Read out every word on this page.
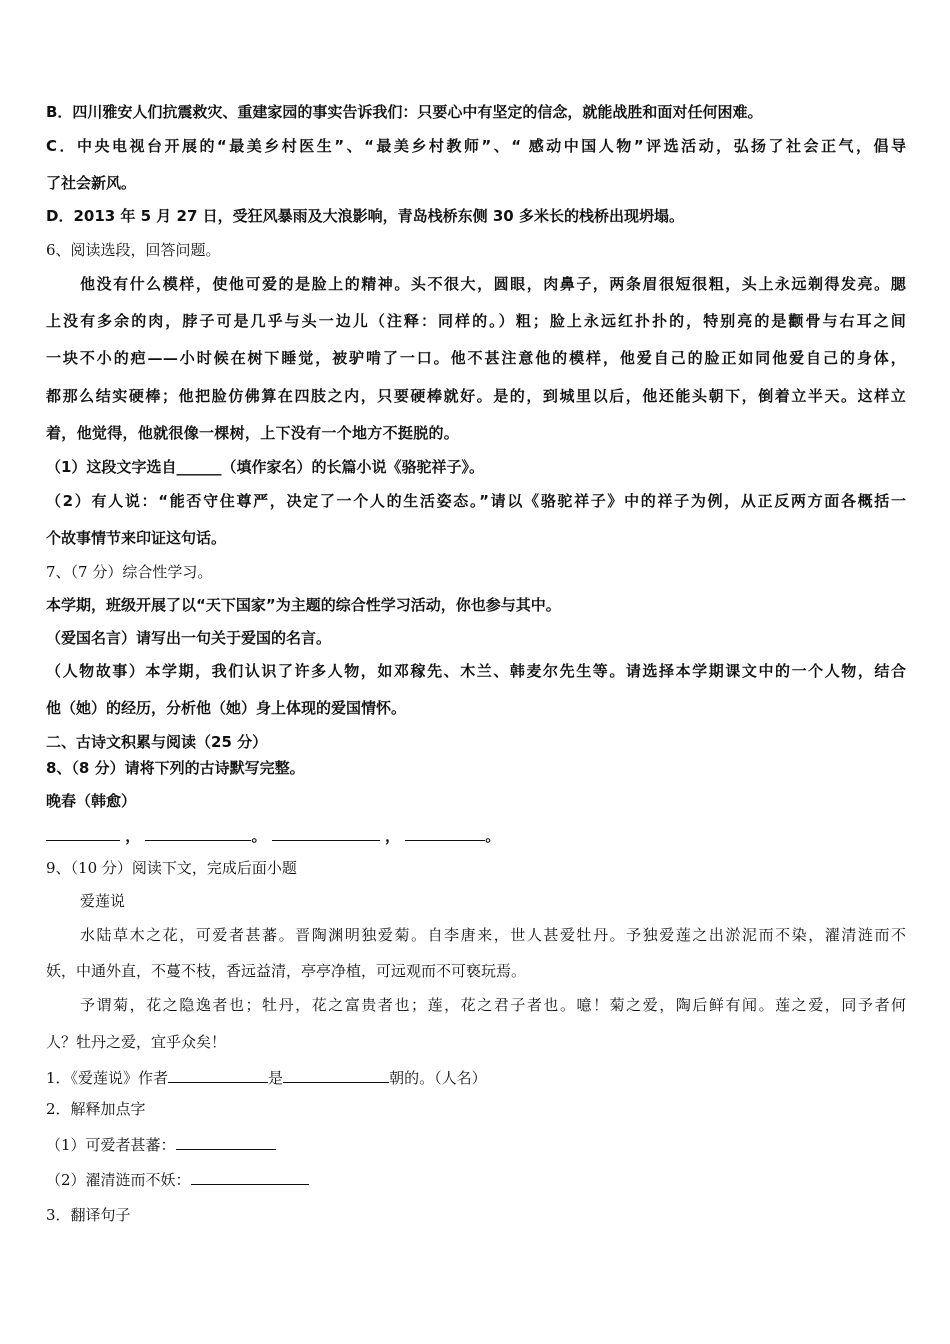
B．四川雅安人们抗震救灾、重建家园的事实告诉我们：只要心中有坚定的信念，就能战胜和面对任何困难。
C．中央电视台开展的“最美乡村医生”、“最美乡村教师”、“ 感动中国人物”评选活动，弘扬了社会正气，倡导
了社会新风。
D．2013 年 5 月 27 日，受狂风暴雨及大浪影响，青岛栈桥东侧 30 多米长的栈桥出现坍塌。
6、阅读选段，回答问题。
他没有什么模样，使他可爱的是脸上的精神。头不很大，圆眼，肉鼻子，两条眉很短很粗，头上永远剃得发亮。腮
上没有多余的肉，脖子可是几乎与头一边儿（注释：同样的。）粗；脸上永远红扑扑的，特别亮的是颧骨与右耳之间
一块不小的疤——小时候在树下睡觉，被驴啃了一口。他不甚注意他的模样，他爱自己的脸正如同他爱自己的身体，
都那么结实硬棒；他把脸仿佛算在四肢之内，只要硬棒就好。是的，到城里以后，他还能头朝下，倒着立半天。这样立
着，他觉得，他就很像一棵树，上下没有一个地方不挺脱的。
（1）这段文字选自______（填作家名）的长篇小说《骆驼祥子》。
（2）有人说：“能否守住尊严，决定了一个人的生活姿态。”请以《骆驼祥子》中的祥子为例，从正反两方面各概括一
个故事情节来印证这句话。
7、（7 分）综合性学习。
本学期，班级开展了以“天下国家”为主题的综合性学习活动，你也参与其中。
（爱国名言）请写出一句关于爱国的名言。
（人物故事）本学期，我们认识了许多人物，如邓稼先、木兰、韩麦尔先生等。请选择本学期课文中的一个人物，结合
他（她）的经历，分析他（她）身上体现的爱国情怀。
二、古诗文积累与阅读（25 分）
8、（8 分）请将下列的古诗默写完整。
晚春（韩愈）
，	。	，	。
9、（10 分）阅读下文，完成后面小题
爱莲说
水陆草木之花，可爱者甚蕃。晋陶渊明独爱菊。自李唐来，世人甚爱牡丹。予独爱莲之出淤泥而不染，濯清涟而不
妖，中通外直，不蔓不枝，香远益清，亭亭净植，可远观而不可亵玩焉。
予谓菊，花之隐逸者也；牡丹，花之富贵者也；莲，花之君子者也。噫！菊之爱，陶后鲜有闻。莲之爱，同予者何
人？牡丹之爱，宜乎众矣！
1．《爱莲说》作者	是	朝的。（人名）
2．解释加点字
（1）可爱者甚蕃：
（2）濯清涟而不妖：
3．翻译句子
